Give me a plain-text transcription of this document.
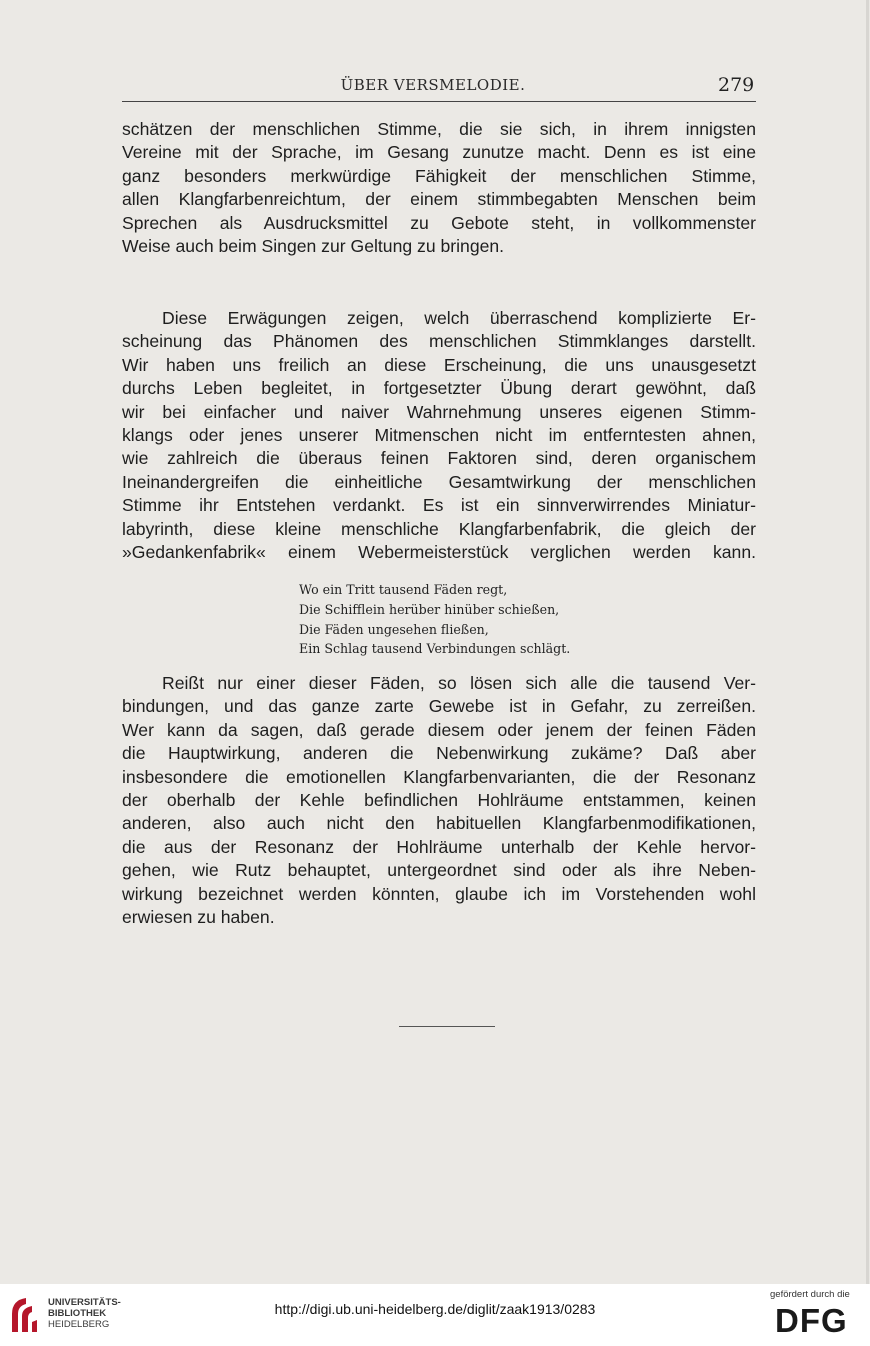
ÜBER VERSMELODIE.	279
schätzen der menschlichen Stimme, die sie sich, in ihrem innigsten
Vereine mit der Sprache, im Gesang zunutze macht. Denn es ist eine
ganz besonders merkwürdige Fähigkeit der menschlichen Stimme,
allen Klangfarbenreichtum, der einem stimmbegabten Menschen beim
Sprechen als Ausdrucksmittel zu Gebote steht, in vollkommenster
Weise auch beim Singen zur Geltung zu bringen.
Diese Erwägungen zeigen, welch überraschend komplizierte Er-
scheinung das Phänomen des menschlichen Stimmklanges darstellt.
Wir haben uns freilich an diese Erscheinung, die uns unausgesetzt
durchs Leben begleitet, in fortgesetzter Übung derart gewöhnt, daß
wir bei einfacher und naiver Wahrnehmung unseres eigenen Stimm-
klangs oder jenes unserer Mitmenschen nicht im entferntesten ahnen,
wie zahlreich die überaus feinen Faktoren sind, deren organischem
Ineinandergreifen die einheitliche Gesamtwirkung der menschlichen
Stimme ihr Entstehen verdankt. Es ist ein sinnverwirrendes Miniatur-
labyrinth, diese kleine menschliche Klangfarbenfabrik, die gleich der
»Gedankenfabrik« einem Webermeisterstück verglichen werden kann.
Wo ein Tritt tausend Fäden regt,
Die Schifflein herüber hinüber schießen,
Die Fäden ungesehen fließen,
Ein Schlag tausend Verbindungen schlägt.
Reißt nur einer dieser Fäden, so lösen sich alle die tausend Ver-
bindungen, und das ganze zarte Gewebe ist in Gefahr, zu zerreißen.
Wer kann da sagen, daß gerade diesem oder jenem der feinen Fäden
die Hauptwirkung, anderen die Nebenwirkung zukäme? Daß aber
insbesondere die emotionellen Klangfarbenvarianten, die der Resonanz
der oberhalb der Kehle befindlichen Hohlräume entstammen, keinen
anderen, also auch nicht den habituellen Klangfarbenmodifikationen,
die aus der Resonanz der Hohlräume unterhalb der Kehle hervor-
gehen, wie Rutz behauptet, untergeordnet sind oder als ihre Neben-
wirkung bezeichnet werden könnten, glaube ich im Vorstehenden wohl
erwiesen zu haben.
UNIVERSITÄTS-
BIBLIOTHEK
HEIDELBERG
http://digi.ub.uni-heidelberg.de/diglit/zaak1913/0283
gefördert durch die
DFG
